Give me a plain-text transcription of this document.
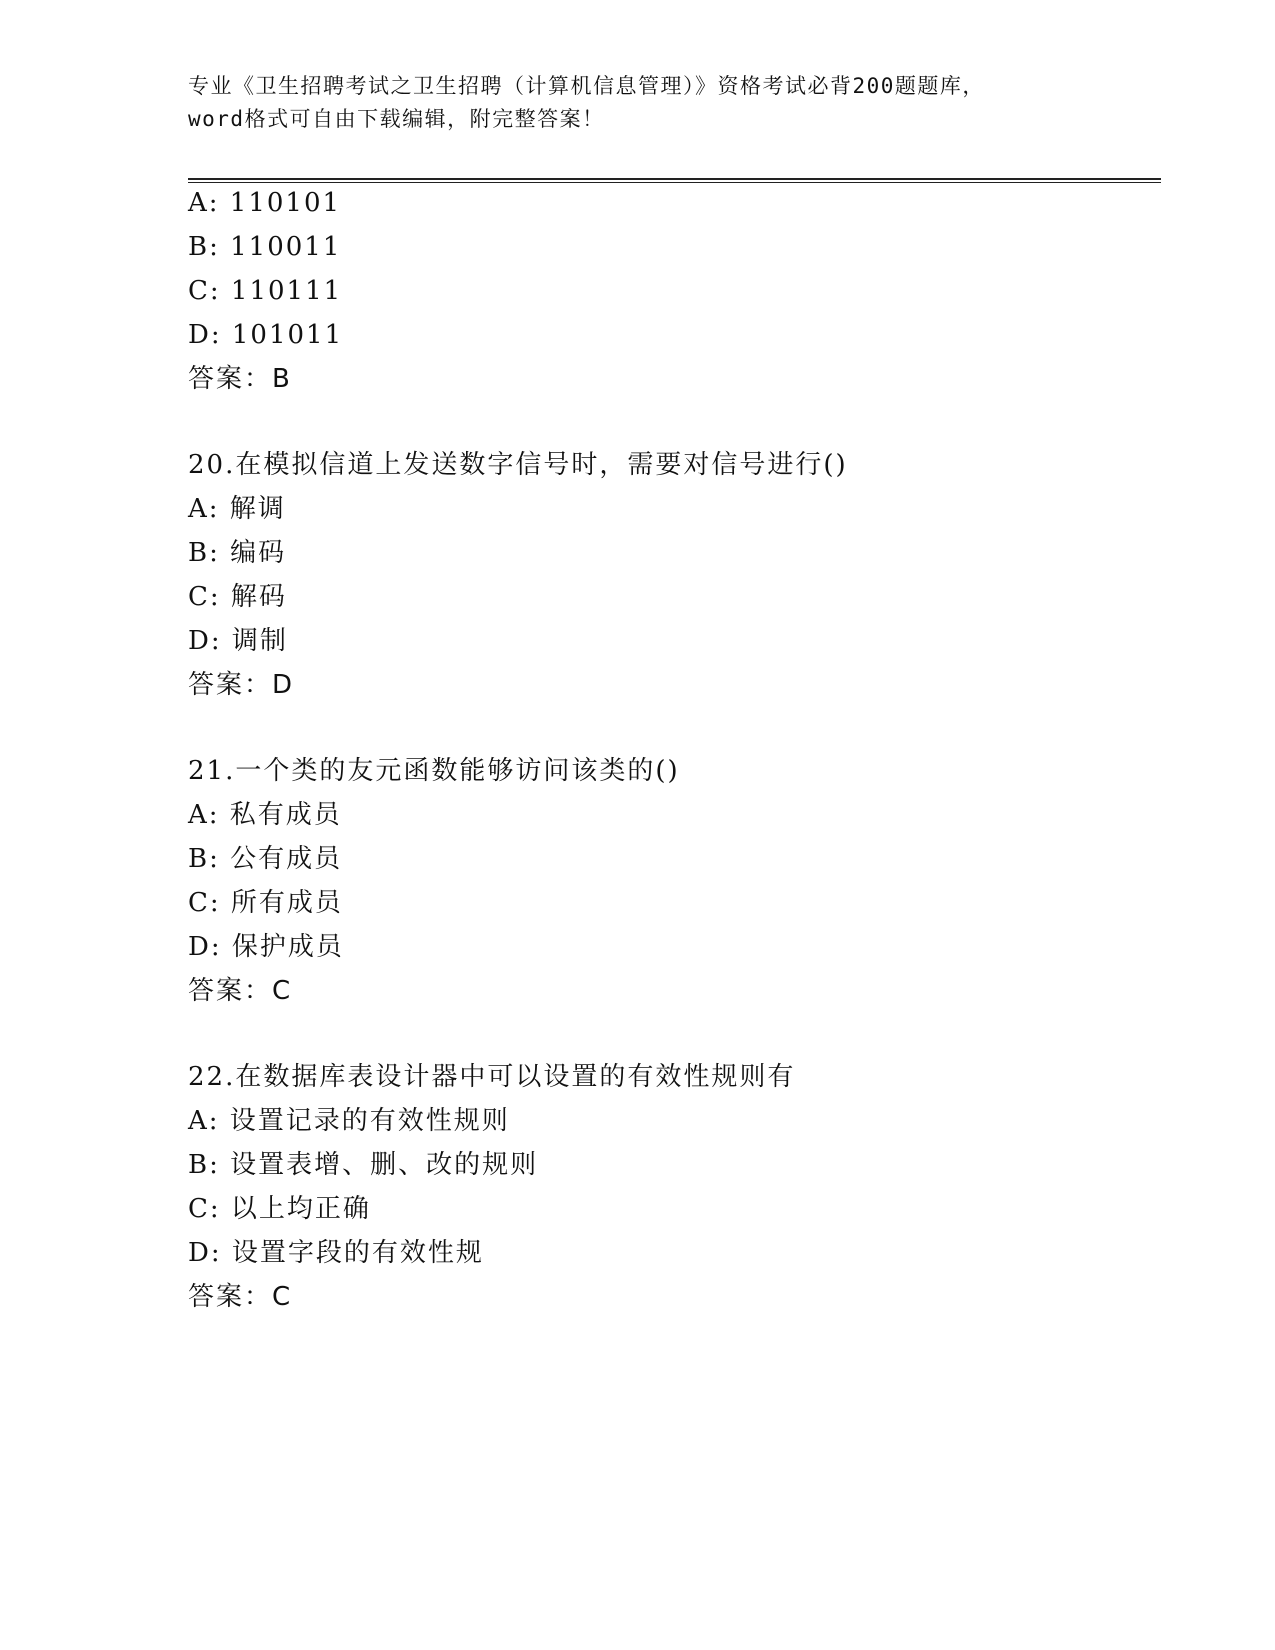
专业《卫生招聘考试之卫生招聘（计算机信息管理）》资格考试必背200题题库，
word格式可自由下载编辑，附完整答案！
A: 110101
B: 110011
C: 110111
D: 101011
答案：B
20.在模拟信道上发送数字信号时，需要对信号进行()
A: 解调
B: 编码
C: 解码
D: 调制
答案：D
21.一个类的友元函数能够访问该类的()
A: 私有成员
B: 公有成员
C: 所有成员
D: 保护成员
答案：C
22.在数据库表设计器中可以设置的有效性规则有
A: 设置记录的有效性规则
B: 设置表增、删、改的规则
C: 以上均正确
D: 设置字段的有效性规
答案：C
